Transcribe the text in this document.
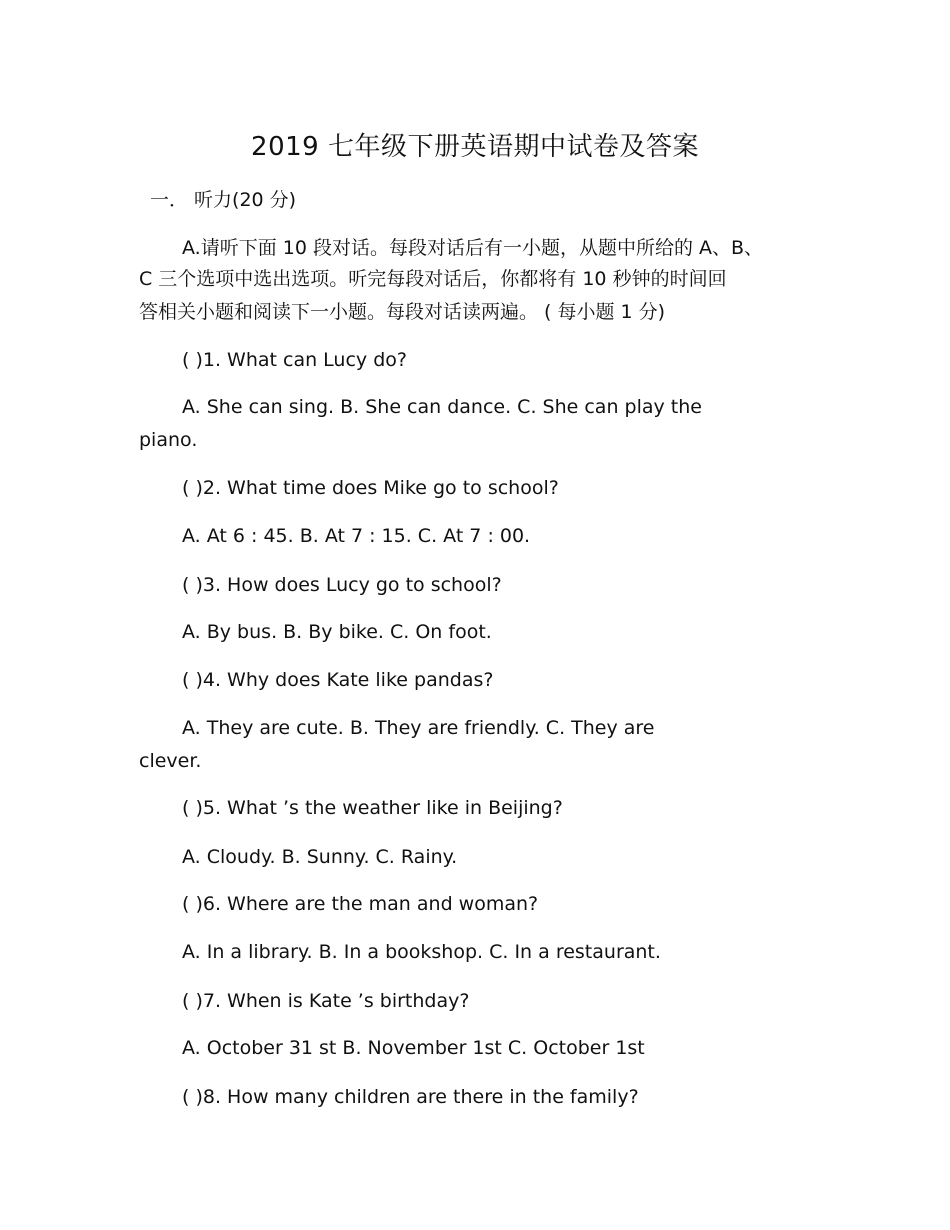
2019 七年级下册英语期中试卷及答案
一． 听力(20 分)
A.请听下面 10 段对话。每段对话后有一小题，从题中所给的 A、B、
C 三个选项中选出选项。听完每段对话后，你都将有 10 秒钟的时间回
答相关小题和阅读下一小题。每段对话读两遍。 ( 每小题 1 分)
( )1. What can Lucy do?
A. She can sing. B. She can dance. C. She can play the
piano.
( )2. What time does Mike go to school?
A. At 6 : 45. B. At 7 : 15. C. At 7 : 00.
( )3. How does Lucy go to school?
A. By bus. B. By bike. C. On foot.
( )4. Why does Kate like pandas?
A. They are cute. B. They are friendly. C. They are
clever.
( )5. What ’s the weather like in Beijing?
A. Cloudy. B. Sunny. C. Rainy.
( )6. Where are the man and woman?
A. In a library. B. In a bookshop. C. In a restaurant.
( )7. When is Kate ’s birthday?
A. October 31 st B. November 1st C. October 1st
( )8. How many children are there in the family?
